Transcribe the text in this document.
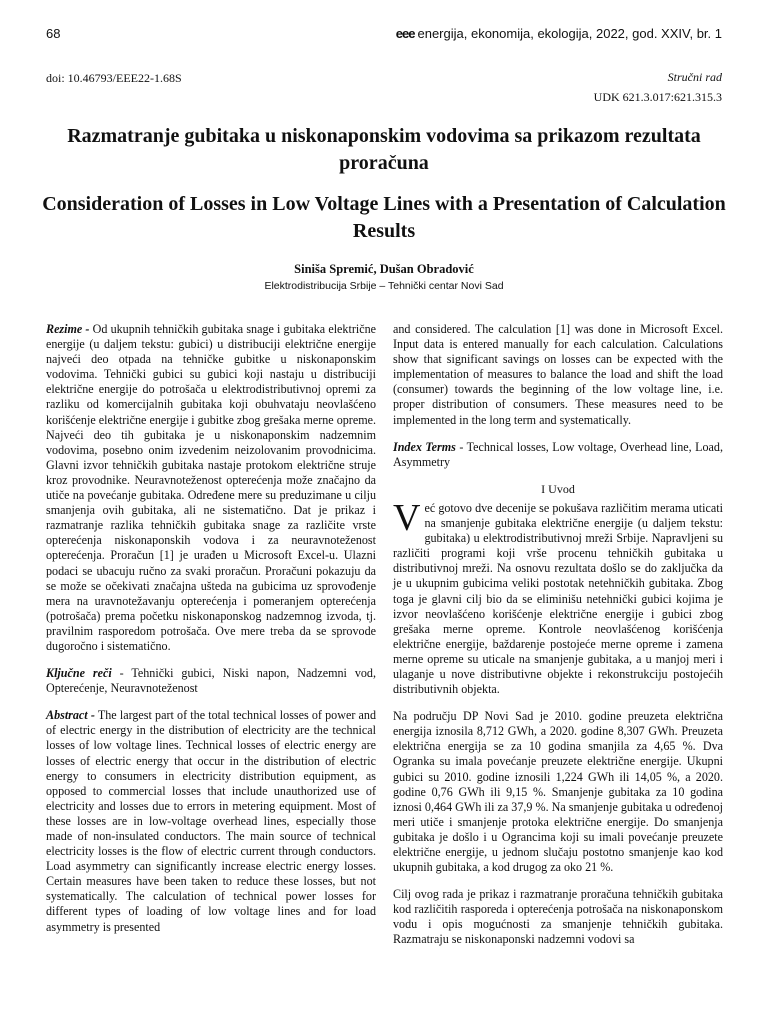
68	eee energija, ekonomija, ekologija, 2022, god. XXIV, br. 1
doi: 10.46793/EEE22-1.68S	Stručni rad
UDK 621.3.017:621.315.3
Razmatranje gubitaka u niskonaponskim vodovima sa prikazom rezultata proračuna
Consideration of Losses in Low Voltage Lines with a Presentation of Calculation Results
Siniša Spremić, Dušan Obradović
Elektrodistribucija Srbije – Tehnički centar Novi Sad

Rezime - Od ukupnih tehničkih gubitaka snage i gubitaka električne energije (u daljem tekstu: gubici) u distribuciji električne energije najveći deo otpada na tehničke gubitke u niskonaponskim vodovima. Tehnički gubici su gubici koji nastaju u distribuciji električne energije do potrošača u elektrodistributivnoj opremi za razliku od komercijalnih gubitaka koji obuhvataju neovlašćeno korišćenje električne energije i gubitke zbog grešaka merne opreme. Najveći deo tih gubitaka je u niskonaponskim nadzemnim vodovima, posebno onim izvedenim neizolovanim provodnicima. Glavni izvor tehničkih gubitaka nastaje protokom električne struje kroz provodnike. Neuravnoteženost opterećenja može značajno da utiče na povećanje gubitaka. Određene mere su preduzimane u cilju smanjenja ovih gubitaka, ali ne sistematično. Dat je prikaz i razmatranje razlika tehničkih gubitaka snage za različite vrste opterećenja niskonaponskih vodova i za neuravnoteženost opterećenja. Proračun [1] je urađen u Microsoft Excel-u. Ulazni podaci se ubacuju ručno za svaki proračun. Proračuni pokazuju da se može se očekivati značajna ušteda na gubicima uz sprovođenje mera na uravnotežavanju opterećenja i pomeranjem opterećenja (potrošača) prema početku niskonaponskog nadzemnog izvoda, tj. pravilnim rasporedom potrošača. Ove mere treba da se sprovode dugoročno i sistematično.

Ključne reči - Tehnički gubici, Niski napon, Nadzemni vod, Opterećenje, Neuravnoteženost

Abstract - The largest part of the total technical losses of power and of electric energy in the distribution of electricity are the technical losses of low voltage lines. Technical losses of electric energy are losses of electric energy that occur in the distribution of electric energy to consumers in electricity distribution equipment, as opposed to commercial losses that include unauthorized use of electricity and losses due to errors in metering equipment. Most of these losses are in low-voltage overhead lines, especially those made of non-insulated conductors. The main source of technical electricity losses is the flow of electric current through conductors. Load asymmetry can significantly increase electric energy losses. Certain measures have been taken to reduce these losses, but not systematically. The calculation of technical power losses for different types of loading of low voltage lines and for load asymmetry is presented

and considered. The calculation [1] was done in Microsoft Excel. Input data is entered manually for each calculation. Calculations show that significant savings on losses can be expected with the implementation of measures to balance the load and shift the load (consumer) towards the beginning of the low voltage line, i.e. proper distribution of consumers. These measures need to be implemented in the long term and systematically.

Index Terms - Technical losses, Low voltage, Overhead line, Load, Asymmetry

I Uvod

Već gotovo dve decenije se pokušava različitim merama uticati na smanjenje gubitaka električne energije (u daljem tekstu: gubitaka) u elektrodistributivnoj mreži Srbije. Napravljeni su različiti programi koji vrše procenu tehničkih gubitaka u distributivnoj mreži. Na osnovu rezultata došlo se do zaključka da je u ukupnim gubicima veliki postotak netehničkih gubitaka. Zbog toga je glavni cilj bio da se eliminišu netehnički gubici kojima je izvor neovlašćeno korišćenje električne energije i gubici zbog grešaka merne opreme. Kontrole neovlašćenog korišćenja električne energije, baždarenje postojeće merne opreme i zamena merne opreme su uticale na smanjenje gubitaka, a u manjoj meri i ulaganje u nove distributivne objekte i rekonstrukciju postojećih distributivnih objekta.

Na području DP Novi Sad je 2010. godine preuzeta električna energija iznosila 8,712 GWh, a 2020. godine 8,307 GWh. Preuzeta električna energija se za 10 godina smanjila za 4,65 %. Dva Ogranka su imala povećanje preuzete električne energije. Ukupni gubici su 2010. godine iznosili 1,224 GWh ili 14,05 %, a 2020. godine 0,76 GWh ili 9,15 %. Smanjenje gubitaka za 10 godina iznosi 0,464 GWh ili za 37,9 %. Na smanjenje gubitaka u određenoj meri utiče i smanjenje protoka električne energije. Do smanjenja gubitaka je došlo i u Ograncima koji su imali povećanje preuzete električne energije, u jednom slučaju postotno smanjenje kao kod ukupnih gubitaka, a kod drugog za oko 21 %.

Cilj ovog rada je prikaz i razmatranje proračuna tehničkih gubitaka kod različitih rasporeda i opterećenja potrošača na niskonaponskom vodu i opis mogućnosti za smanjenje tehničkih gubitaka. Razmatraju se niskonaponski nadzemni vodovi sa
